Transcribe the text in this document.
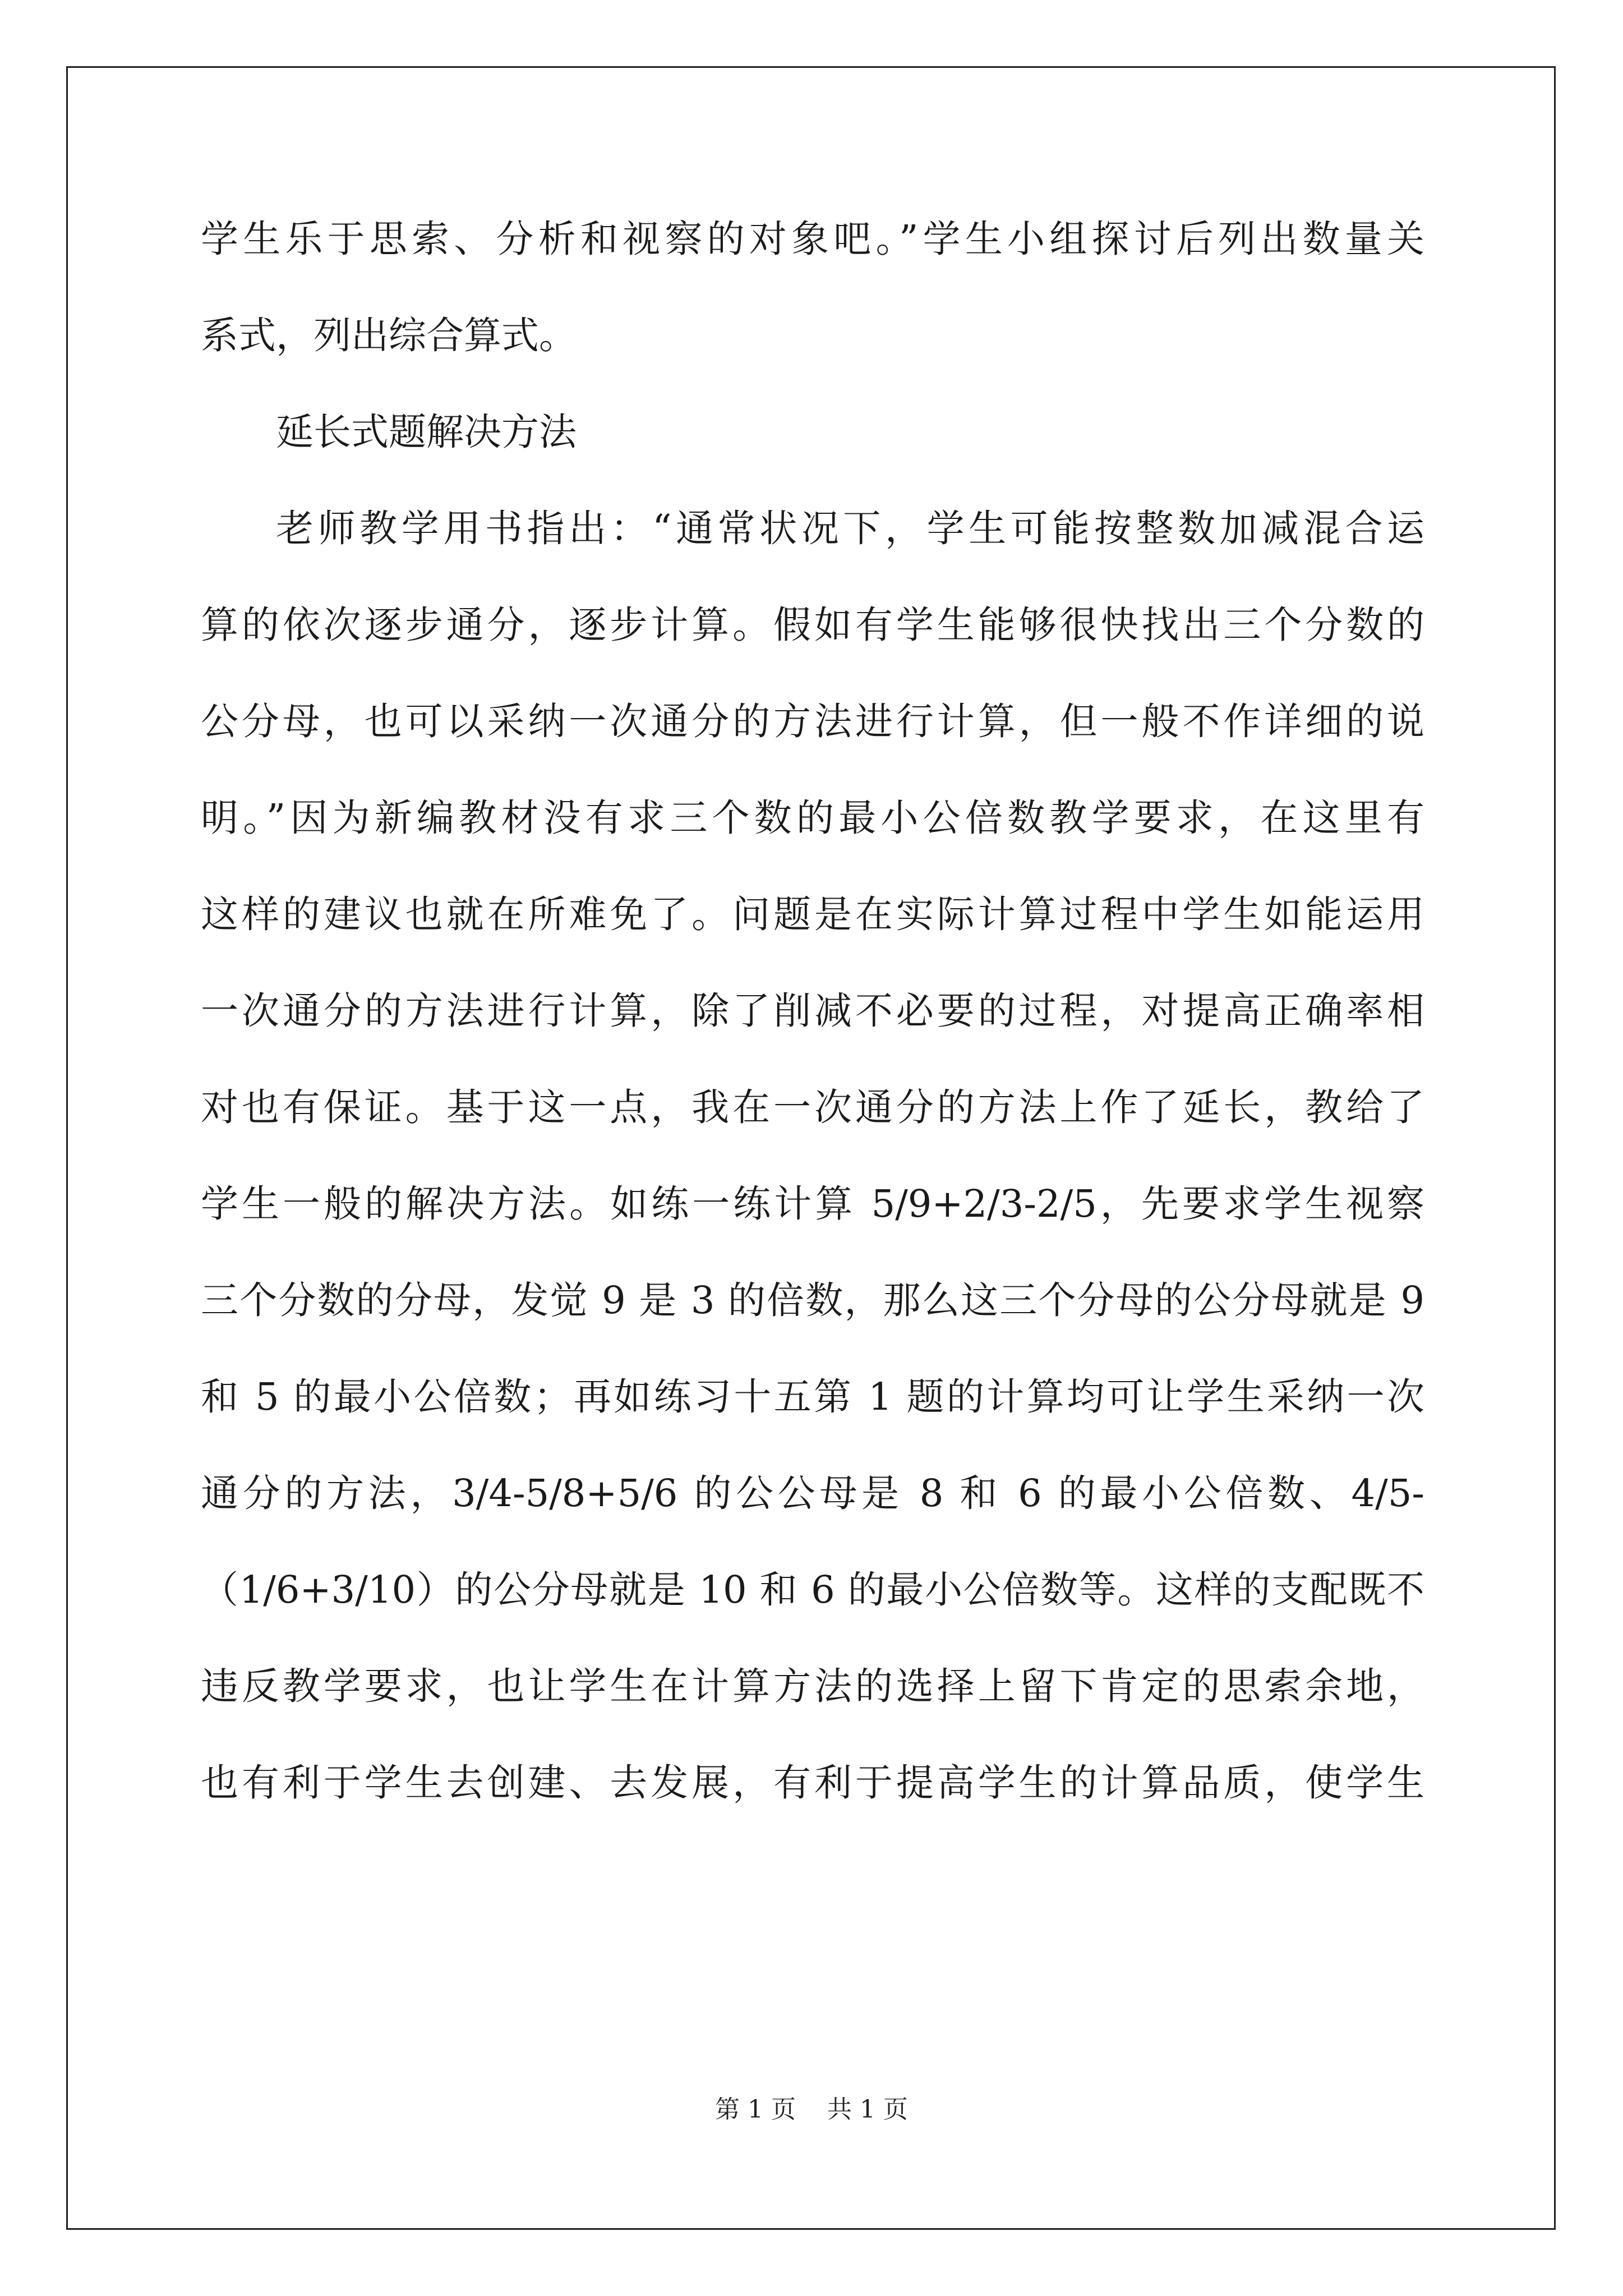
学生乐于思索、分析和视察的对象吧。”学生小组探讨后列出数量关
系式，列出综合算式。
延长式题解决方法
老师教学用书指出：“通常状况下，学生可能按整数加减混合运
算的依次逐步通分，逐步计算。假如有学生能够很快找出三个分数的
公分母，也可以采纳一次通分的方法进行计算，但一般不作详细的说
明。”因为新编教材没有求三个数的最小公倍数教学要求，在这里有
这样的建议也就在所难免了。问题是在实际计算过程中学生如能运用
一次通分的方法进行计算，除了削减不必要的过程，对提高正确率相
对也有保证。基于这一点，我在一次通分的方法上作了延长，教给了
学生一般的解决方法。如练一练计算 5/9+2/3-2/5，先要求学生视察
三个分数的分母，发觉 9 是 3 的倍数，那么这三个分母的公分母就是 9
和 5 的最小公倍数；再如练习十五第 1 题的计算均可让学生采纳一次
通分的方法，3/4-5/8+5/6 的公公母是 8 和 6 的最小公倍数、4/5-
（1/6+3/10）的公分母就是 10 和 6 的最小公倍数等。这样的支配既不
违反教学要求，也让学生在计算方法的选择上留下肯定的思索余地，
也有利于学生去创建、去发展，有利于提高学生的计算品质，使学生
第 1 页    共 1 页
